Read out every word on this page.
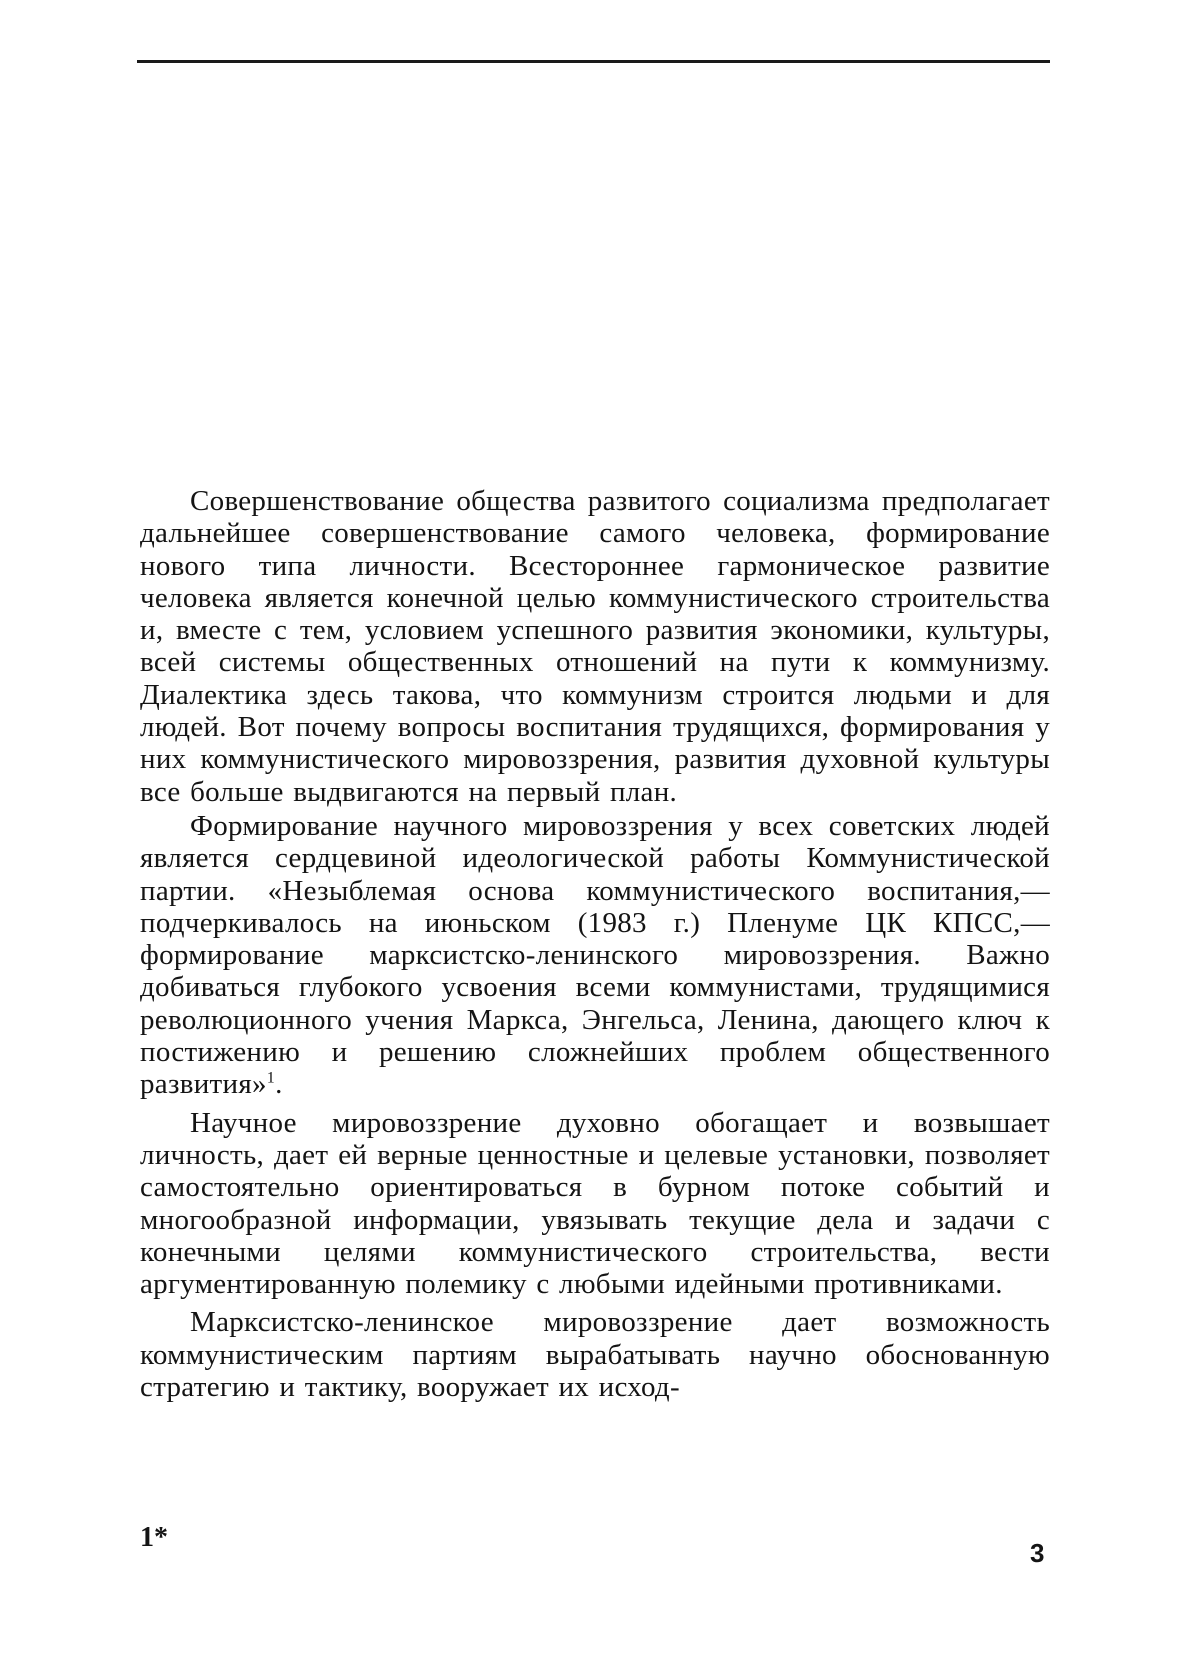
Совершенствование общества развитого социализма предполагает дальнейшее совершенствование самого человека, формирование нового типа личности. Всестороннее гармоническое развитие человека является конечной целью коммунистического строительства и, вместе с тем, условием успешного развития экономики, культуры, всей системы общественных отношений на пути к коммунизму. Диалектика здесь такова, что коммунизм строится людьми и для людей. Вот почему вопросы воспитания трудящихся, формирования у них коммунистического мировоззрения, развития духовной культуры все больше выдвигаются на первый план.

Формирование научного мировоззрения у всех советских людей является сердцевиной идеологической работы Коммунистической партии. «Незыблемая основа коммунистического воспитания,— подчеркивалось на июньском (1983 г.) Пленуме ЦК КПСС,— формирование марксистско-ленинского мировоззрения. Важно добиваться глубокого усвоения всеми коммунистами, трудящимися революционного учения Маркса, Энгельса, Ленина, дающего ключ к постижению и решению сложнейших проблем общественного развития»$^1$.

Научное мировоззрение духовно обогащает и возвышает личность, дает ей верные ценностные и целевые установки, позволяет самостоятельно ориентироваться в бурном потоке событий и многообразной информации, увязывать текущие дела и задачи с конечными целями коммунистического строительства, вести аргументированную полемику с любыми идейными противниками.

Марксистско-ленинское мировоззрение дает возможность коммунистическим партиям вырабатывать научно обоснованную стратегию и тактику, вооружает их исход-

1*	3
